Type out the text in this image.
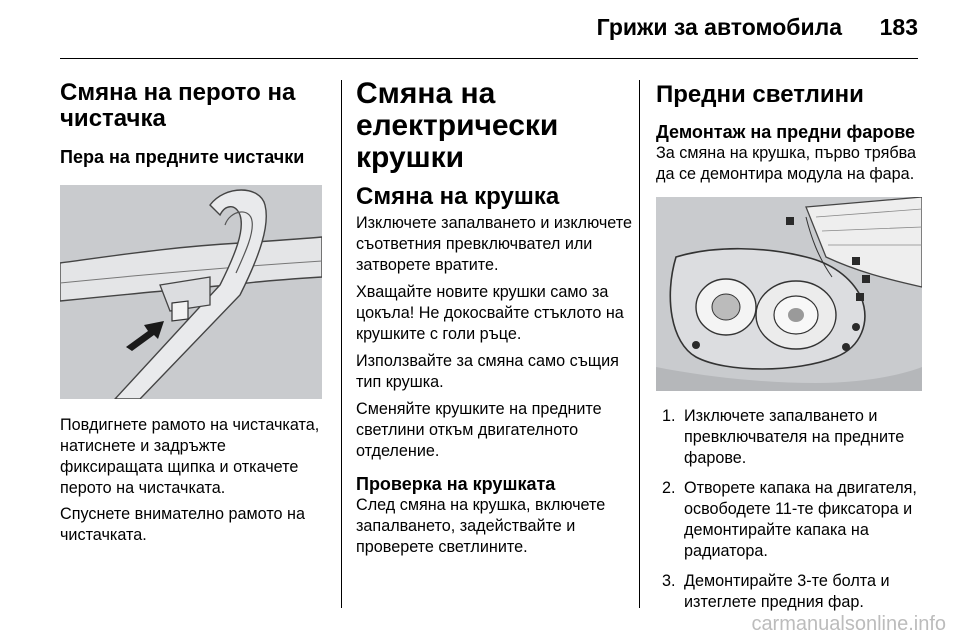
Грижи за автомобила 183
Смяна на перото на чистачка
Пера на предните чистачки

Повдигнете рамото на чистачката, натиснете и задръжте фиксиращата щипка и откачете перото на чистачката.

Спуснете внимателно рамото на чистачката.

Смяна на електрически крушки
Смяна на крушка

Изключете запалването и изключете съответния превключвател или затворете вратите.

Хващайте новите крушки само за цокъла! Не докосвайте стъклото на крушките с голи ръце.

Използвайте за смяна само същия тип крушка.

Сменяйте крушките на предните светлини откъм двигателното отделение.

Проверка на крушката

След смяна на крушка, включете запалването, задействайте и проверете светлините.

Предни светлини
Демонтаж на предни фарове

За смяна на крушка, първо трябва да се демонтира модула на фара.

1. Изключете запалването и превключвателя на предните фарове.
2. Отворете капака на двигателя, освободете 11-те фиксатора и демонтирайте капака на радиатора.
3. Демонтирайте 3-те болта и изтеглете предния фар.
carmanualsonline.info
